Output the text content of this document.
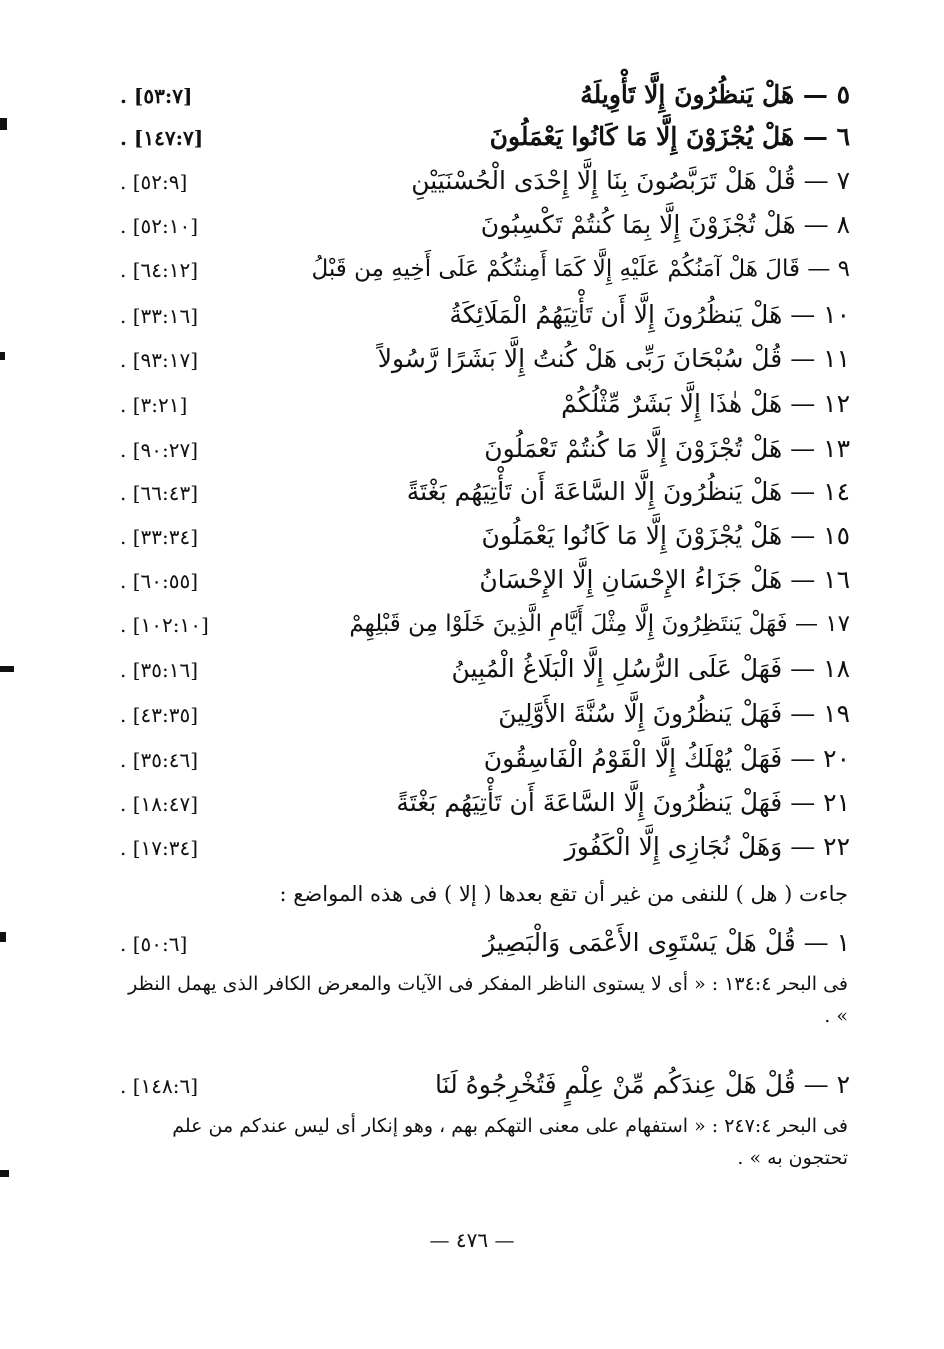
٥ — هَلْ يَنظُرُونَ إِلَّا تَأْوِيلَهُ
. [٥٣:٧]
٦ — هَلْ يُجْزَوْنَ إِلَّا مَا كَانُوا يَعْمَلُونَ
. [١٤٧:٧]
٧ — قُلْ هَلْ تَرَبَّصُونَ بِنَا إِلَّا إِحْدَى الْحُسْنَيَيْنِ
. [٥٢:٩]
٨ — هَلْ تُجْزَوْنَ إِلَّا بِمَا كُنتُمْ تَكْسِبُونَ
. [٥٢:١٠]
٩ — قَالَ هَلْ آمَنُكُمْ عَلَيْهِ إِلَّا كَمَا أَمِنتُكُمْ عَلَى أَخِيهِ مِن قَبْلُ
. [٦٤:١٢]
١٠ — هَلْ يَنظُرُونَ إِلَّا أَن تَأْتِيَهُمُ الْمَلَائِكَةُ
. [٣٣:١٦]
١١ — قُلْ سُبْحَانَ رَبِّى هَلْ كُنتُ إِلَّا بَشَرًا رَّسُولاً
. [٩٣:١٧]
١٢ — هَلْ هٰذَا إِلَّا بَشَرٌ مِّثْلُكُمْ
. [٣:٢١]
١٣ — هَلْ تُجْزَوْنَ إِلَّا مَا كُنتُمْ تَعْمَلُونَ
. [٩٠:٢٧]
١٤ — هَلْ يَنظُرُونَ إِلَّا السَّاعَةَ أَن تَأْتِيَهُم بَغْتَةً
. [٦٦:٤٣]
١٥ — هَلْ يُجْزَوْنَ إِلَّا مَا كَانُوا يَعْمَلُونَ
. [٣٣:٣٤]
١٦ — هَلْ جَزَاءُ الإِحْسَانِ إِلَّا الإِحْسَانُ
. [٦٠:٥٥]
١٧ — فَهَلْ يَنتَظِرُونَ إِلَّا مِثْلَ أَيَّامِ الَّذِينَ خَلَوْا مِن قَبْلِهِمْ
. [١٠٢:١٠]
١٨ — فَهَلْ عَلَى الرُّسُلِ إِلَّا الْبَلَاغُ الْمُبِينُ
. [٣٥:١٦]
١٩ — فَهَلْ يَنظُرُونَ إِلَّا سُنَّةَ الأَوَّلِينَ
. [٤٣:٣٥]
٢٠ — فَهَلْ يُهْلَكُ إِلَّا الْقَوْمُ الْفَاسِقُونَ
. [٣٥:٤٦]
٢١ — فَهَلْ يَنظُرُونَ إِلَّا السَّاعَةَ أَن تَأْتِيَهُم بَغْتَةً
. [١٨:٤٧]
٢٢ — وَهَلْ نُجَازِى إِلَّا الْكَفُورَ
. [١٧:٣٤]
جاءت ( هل ) للنفى من غير أن تقع بعدها ( إلا ) فى هذه المواضع :
١ — قُلْ هَلْ يَسْتَوِى الأَعْمَى وَالْبَصِيرُ
. [٥٠:٦]
فى البحر ١٣٤:٤ : « أى لا يستوى الناظر المفكر فى الآيات والمعرض الكافر الذى يهمل النظر » .
٢ — قُلْ هَلْ عِندَكُم مِّنْ عِلْمٍ فَتُخْرِجُوهُ لَنَا
. [١٤٨:٦]
فى البحر ٢٤٧:٤ : « استفهام على معنى التهكم بهم ، وهو إنكار أى ليس عندكم من علم تحتجون به » .
— ٤٧٦ —
